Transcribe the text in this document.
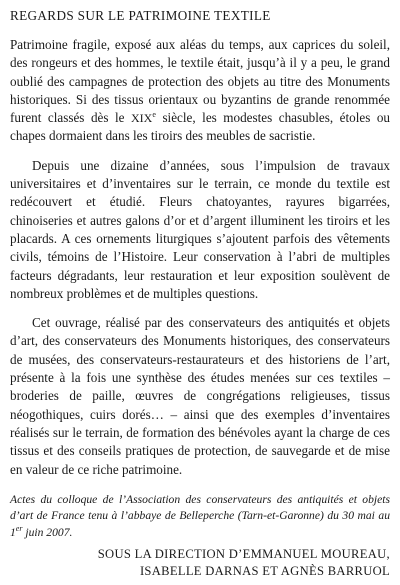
REGARDS SUR LE PATRIMOINE TEXTILE

Patrimoine fragile, exposé aux aléas du temps, aux caprices du soleil, des rongeurs et des hommes, le textile était, jusqu’à il y a peu, le grand oublié des campagnes de protection des objets au titre des Monuments historiques. Si des tissus orientaux ou byzantins de grande renommée furent classés dès le XIXe siècle, les modestes chasubles, étoles ou chapes dormaient dans les tiroirs des meubles de sacristie.

Depuis une dizaine d’années, sous l’impulsion de travaux universitaires et d’inventaires sur le terrain, ce monde du textile est redécouvert et étudié. Fleurs chatoyantes, rayures bigarrées, chinoiseries et autres galons d’or et d’argent illuminent les tiroirs et les placards. A ces ornements liturgiques s’ajoutent parfois des vêtements civils, témoins de l’Histoire. Leur conservation à l’abri de multiples facteurs dégradants, leur restauration et leur exposition soulèvent de nombreux problèmes et de multiples questions.

Cet ouvrage, réalisé par des conservateurs des antiquités et objets d’art, des conservateurs des Monuments historiques, des conservateurs de musées, des conservateurs-restaurateurs et des historiens de l’art, présente à la fois une synthèse des études menées sur ces textiles – broderies de paille, œuvres de congrégations religieuses, tissus néogothiques, cuirs dorés… – ainsi que des exemples d’inventaires réalisés sur le terrain, de formation des bénévoles ayant la charge de ces tissus et des conseils pratiques de protection, de sauvegarde et de mise en valeur de ce riche patrimoine.

Actes du colloque de l’Association des conservateurs des antiquités et objets d’art de France tenu à l’abbaye de Belleperche (Tarn-et-Garonne) du 30 mai au 1er juin 2007.
SOUS LA DIRECTION D’EMMANUEL MOUREAU,
ISABELLE DARNAS ET AGNÈS BARRUOL
